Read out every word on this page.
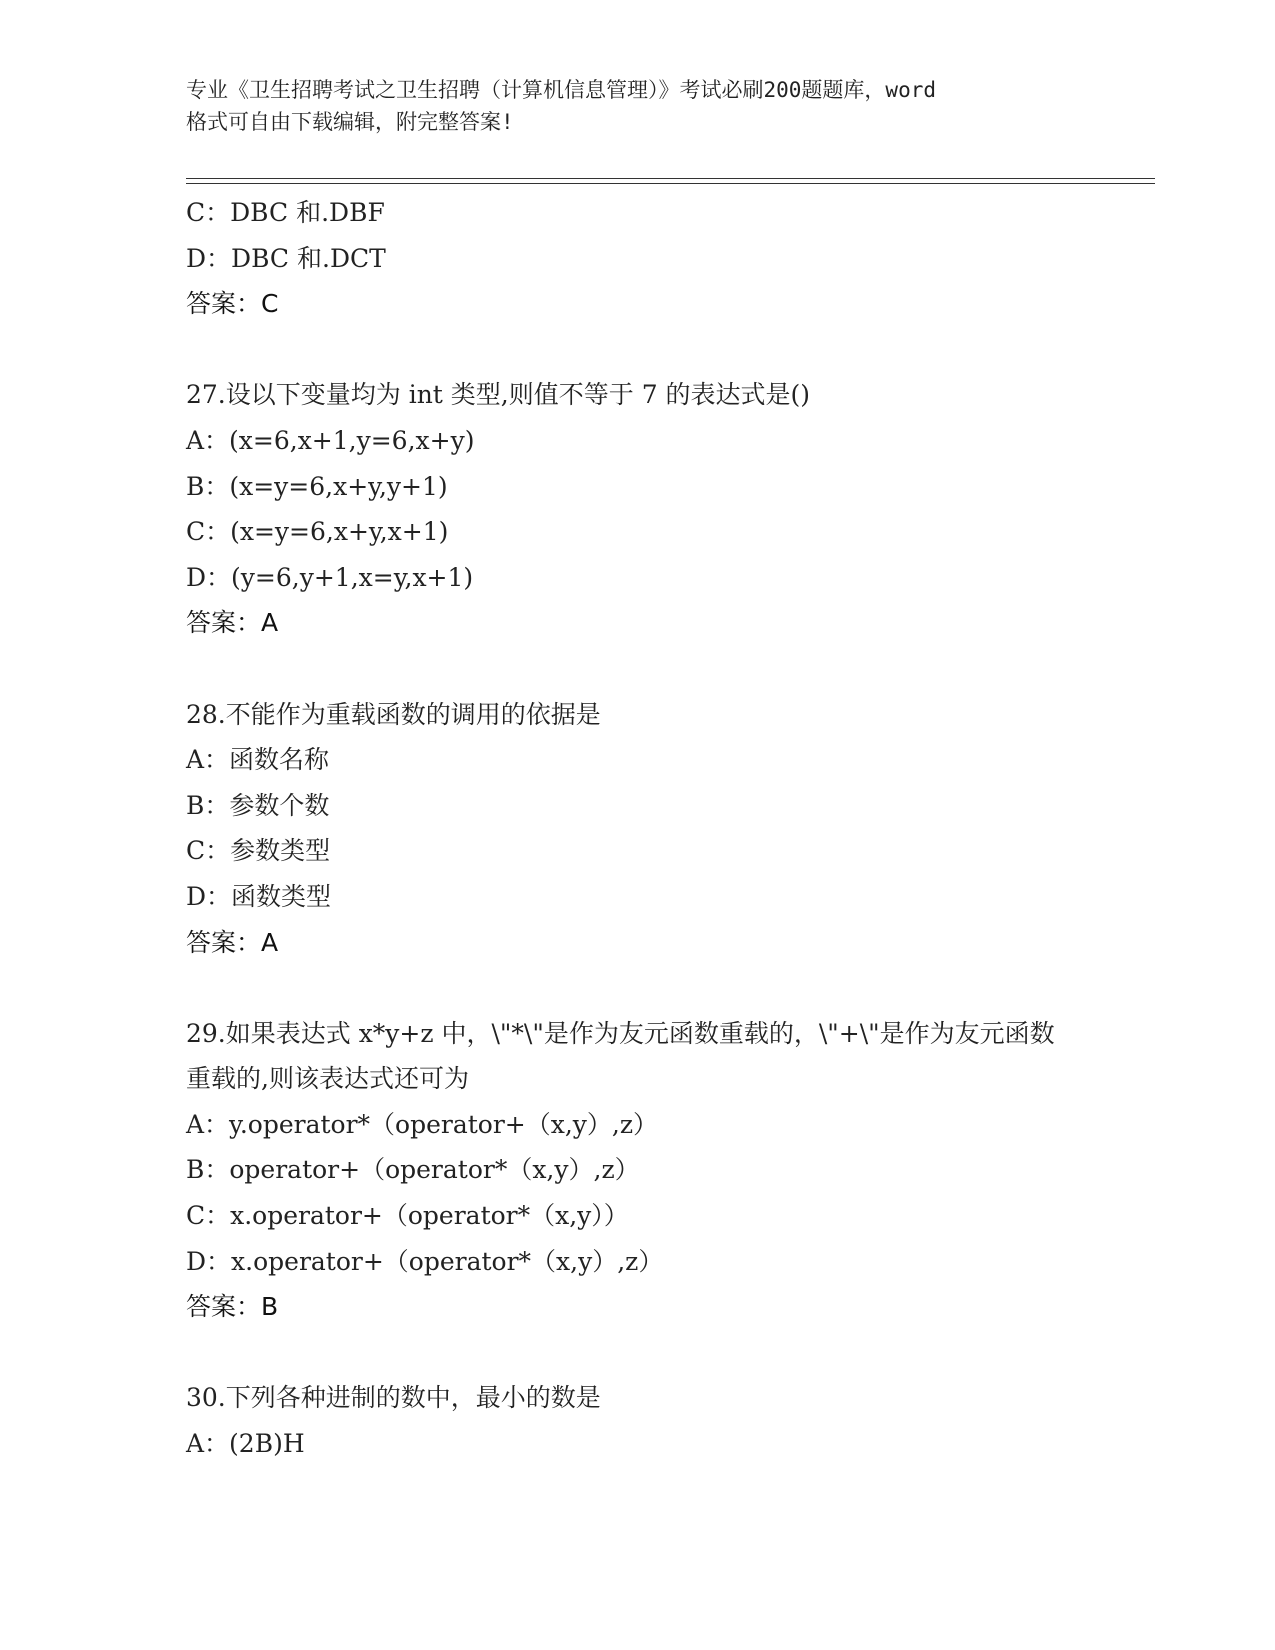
专业《卫生招聘考试之卫生招聘（计算机信息管理）》考试必刷200题题库，word
格式可自由下载编辑，附完整答案!
C：DBC 和.DBF
D：DBC 和.DCT
答案：C
27.设以下变量均为 int 类型,则值不等于 7 的表达式是()
A：(x=6,x+1,y=6,x+y)
B：(x=y=6,x+y,y+1)
C：(x=y=6,x+y,x+1)
D：(y=6,y+1,x=y,x+1)
答案：A
28.不能作为重载函数的调用的依据是
A：函数名称
B：参数个数
C：参数类型
D：函数类型
答案：A
29.如果表达式 x*y+z 中，\"*\"是作为友元函数重载的，\"+\"是作为友元函数重载的,则该表达式还可为
A：y.operator*（operator+（x,y）,z）
B：operator+（operator*（x,y）,z）
C：x.operator+（operator*（x,y））
D：x.operator+（operator*（x,y）,z）
答案：B
30.下列各种进制的数中，最小的数是
A：(2B)H
